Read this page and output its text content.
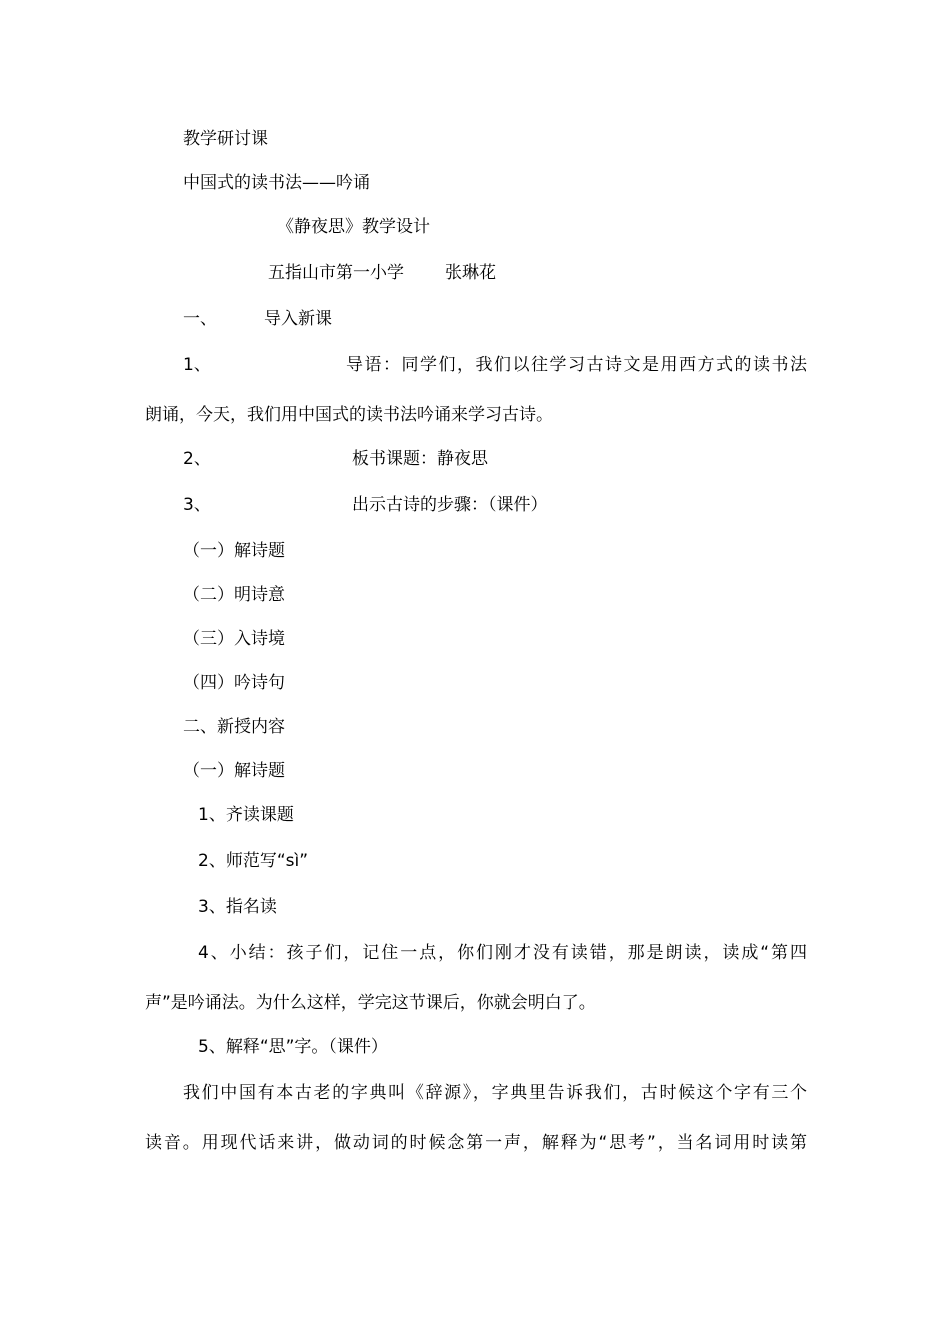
教学研讨课
中国式的读书法——吟诵
《静夜思》教学设计
五指山市第一小学 张琳花
一、	导入新课
1、	导语：同学们，我们以往学习古诗文是用西方式的读书法
朗诵，今天，我们用中国式的读书法吟诵来学习古诗。
2、	板书课题：静夜思
3、	出示古诗的步骤：（课件）
（一）解诗题
（二）明诗意
（三）入诗境
（四）吟诗句
二、新授内容
（一）解诗题
1、齐读课题
2、师范写“sì”
3、指名读
4、小结：孩子们，记住一点，你们刚才没有读错，那是朗读，读成“第四
声”是吟诵法。为什么这样，学完这节课后，你就会明白了。
5、解释“思”字。（课件）
我们中国有本古老的字典叫《辞源》，字典里告诉我们，古时候这个字有三个
读音。用现代话来讲，做动词的时候念第一声，解释为“思考”，当名词用时读第
